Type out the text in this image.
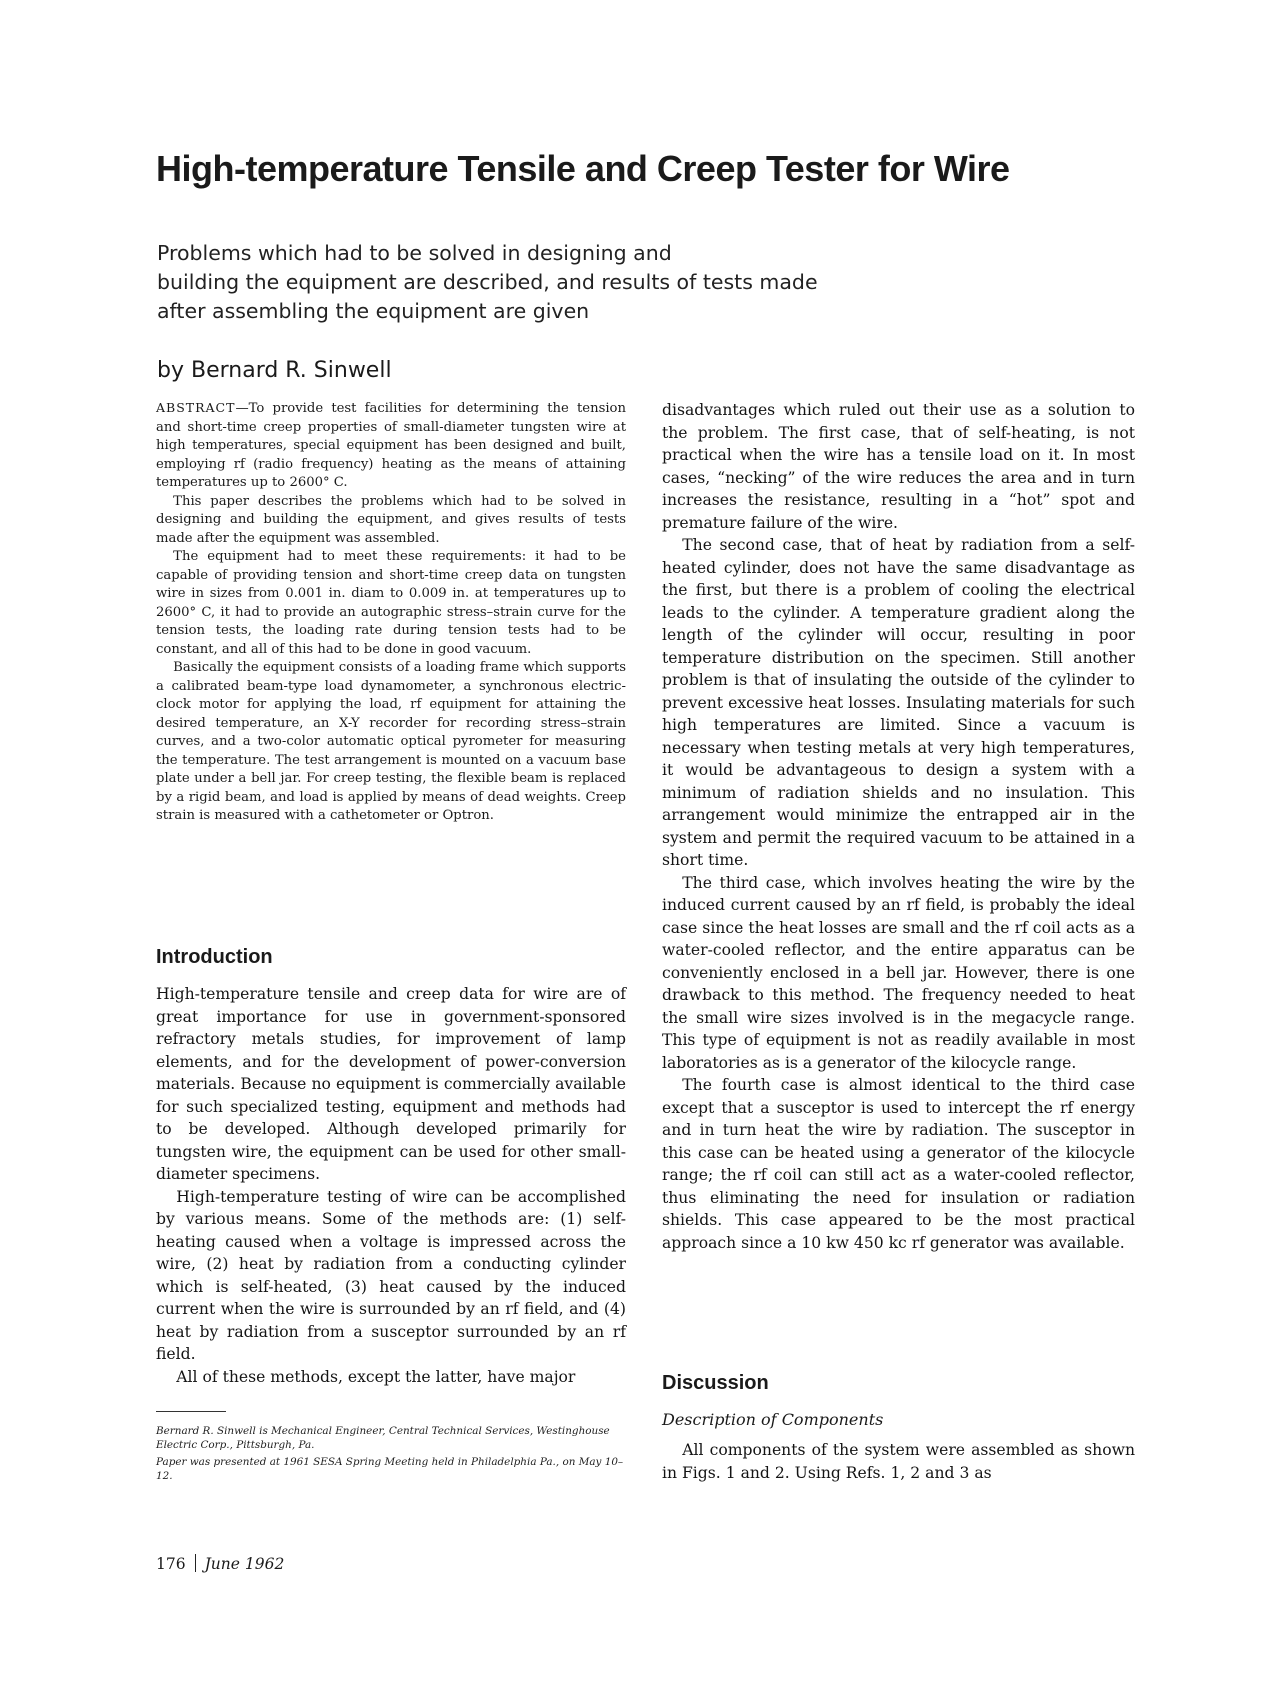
High-temperature Tensile and Creep Tester for Wire
Problems which had to be solved in designing and
building the equipment are described, and results of tests made
after assembling the equipment are given
by Bernard R. Sinwell

ABSTRACT—To provide test facilities for determining the tension and short-time creep properties of small-diameter tungsten wire at high temperatures, special equipment has been designed and built, employing rf (radio frequency) heating as the means of attaining temperatures up to 2600° C.

This paper describes the problems which had to be solved in designing and building the equipment, and gives results of tests made after the equipment was assembled.

The equipment had to meet these requirements: it had to be capable of providing tension and short-time creep data on tungsten wire in sizes from 0.001 in. diam to 0.009 in. at temperatures up to 2600° C, it had to provide an autographic stress–strain curve for the tension tests, the loading rate during tension tests had to be constant, and all of this had to be done in good vacuum.

Basically the equipment consists of a loading frame which supports a calibrated beam-type load dynamometer, a synchronous electric-clock motor for applying the load, rf equipment for attaining the desired temperature, an X-Y recorder for recording stress–strain curves, and a two-color automatic optical pyrometer for measuring the temperature. The test arrangement is mounted on a vacuum base plate under a bell jar. For creep testing, the flexible beam is replaced by a rigid beam, and load is applied by means of dead weights. Creep strain is measured with a cathetometer or Optron.

Introduction

High-temperature tensile and creep data for wire are of great importance for use in government-sponsored refractory metals studies, for improvement of lamp elements, and for the development of power-conversion materials. Because no equipment is commercially available for such specialized testing, equipment and methods had to be developed. Although developed primarily for tungsten wire, the equipment can be used for other small-diameter specimens.

High-temperature testing of wire can be accomplished by various means. Some of the methods are: (1) self-heating caused when a voltage is impressed across the wire, (2) heat by radiation from a conducting cylinder which is self-heated, (3) heat caused by the induced current when the wire is surrounded by an rf field, and (4) heat by radiation from a susceptor surrounded by an rf field.

All of these methods, except the latter, have major

Bernard R. Sinwell is Mechanical Engineer, Central Technical Services, Westinghouse Electric Corp., Pittsburgh, Pa.

Paper was presented at 1961 SESA Spring Meeting held in Philadelphia Pa., on May 10–12.

disadvantages which ruled out their use as a solution to the problem. The first case, that of self-heating, is not practical when the wire has a tensile load on it. In most cases, “necking” of the wire reduces the area and in turn increases the resistance, resulting in a “hot” spot and premature failure of the wire.

The second case, that of heat by radiation from a self-heated cylinder, does not have the same disadvantage as the first, but there is a problem of cooling the electrical leads to the cylinder. A temperature gradient along the length of the cylinder will occur, resulting in poor temperature distribution on the specimen. Still another problem is that of insulating the outside of the cylinder to prevent excessive heat losses. Insulating materials for such high temperatures are limited. Since a vacuum is necessary when testing metals at very high temperatures, it would be advantageous to design a system with a minimum of radiation shields and no insulation. This arrangement would minimize the entrapped air in the system and permit the required vacuum to be attained in a short time.

The third case, which involves heating the wire by the induced current caused by an rf field, is probably the ideal case since the heat losses are small and the rf coil acts as a water-cooled reflector, and the entire apparatus can be conveniently enclosed in a bell jar. However, there is one drawback to this method. The frequency needed to heat the small wire sizes involved is in the megacycle range. This type of equipment is not as readily available in most laboratories as is a generator of the kilocycle range.

The fourth case is almost identical to the third case except that a susceptor is used to intercept the rf energy and in turn heat the wire by radiation. The susceptor in this case can be heated using a generator of the kilocycle range; the rf coil can still act as a water-cooled reflector, thus eliminating the need for insulation or radiation shields. This case appeared to be the most practical approach since a 10 kw 450 kc rf generator was available.

Discussion
Description of Components

All components of the system were assembled as shown in Figs. 1 and 2. Using Refs. 1, 2 and 3 as

176 June 1962
